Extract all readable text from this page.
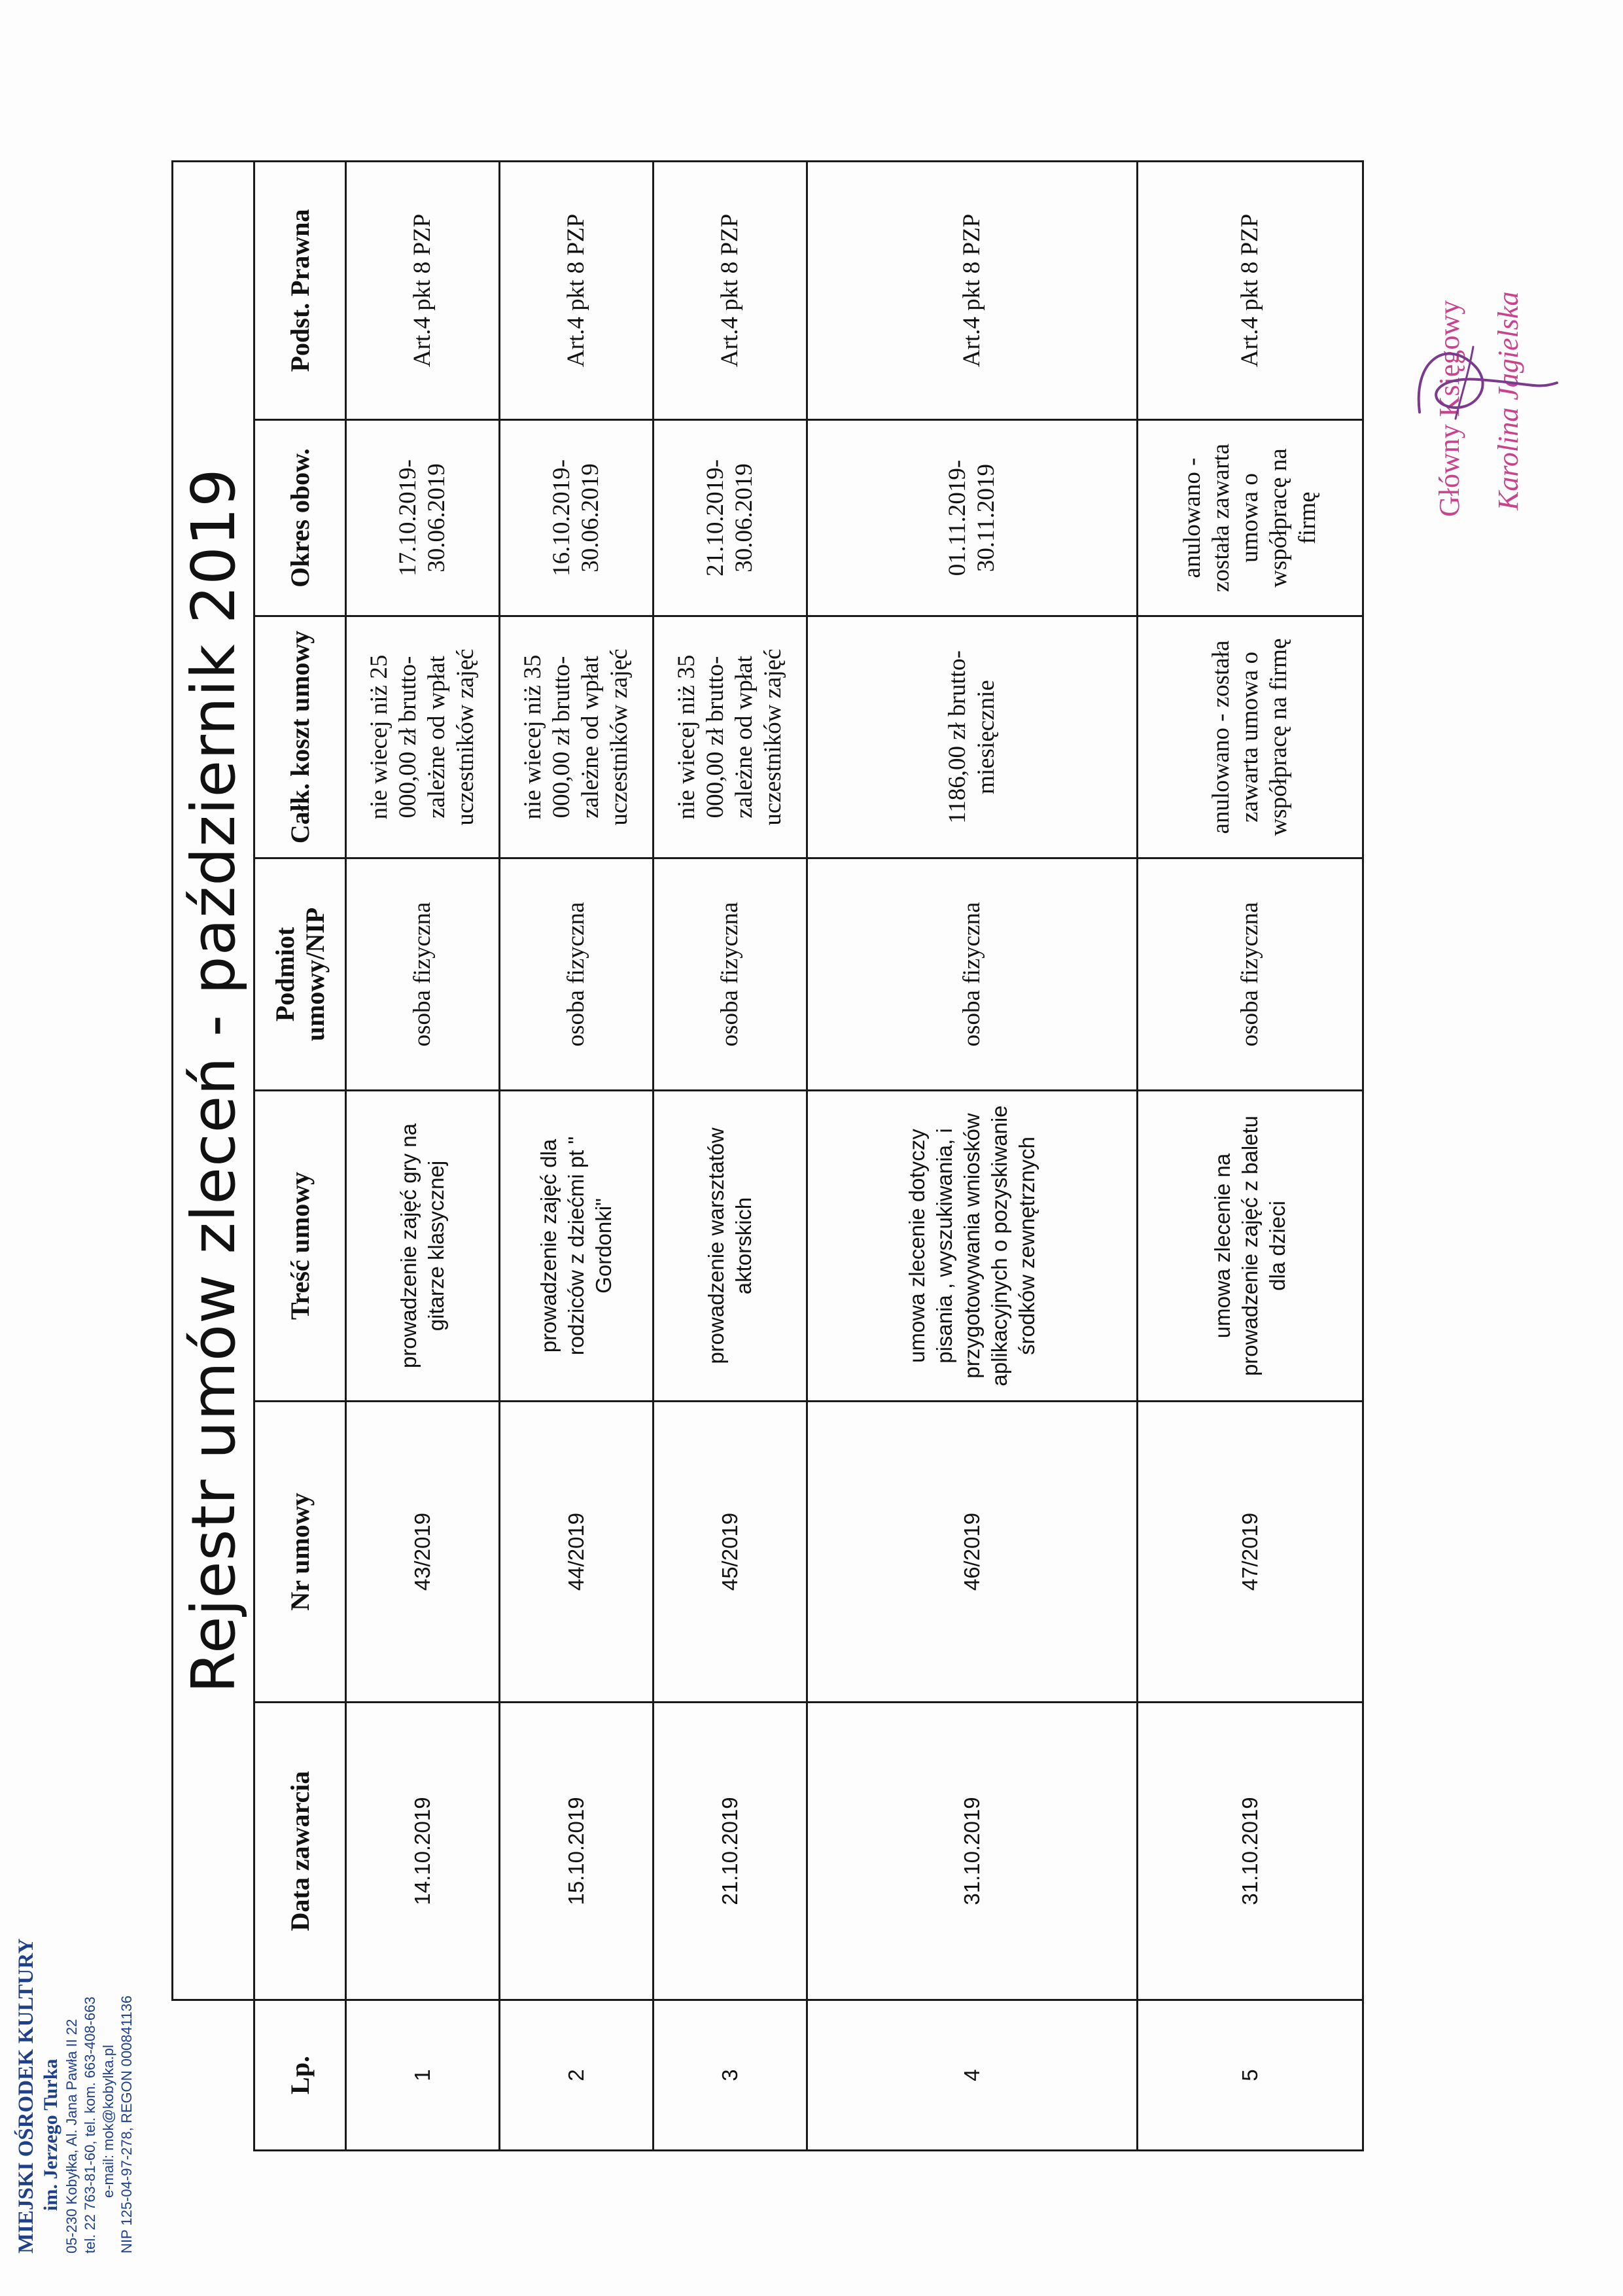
MIEJSKI OŚRODEK KULTURY im. Jerzego Turka 05-230 Kobyłka, Al. Jana Pawła II 22 tel. 22 763-81-60, tel. kom. 663-408-663 e-mail: mok@kobylka.pl NIP 125-04-97-278, REGON 000841136
	Rejestr umów zleceń - październik 2019						
Lp.	Data zawarcia	Nr umowy	Treść umowy	Podmiot umowy/NIP	Całk. koszt umowy	Okres obow.	Podst. Prawna
1	14.10.2019	43/2019	prowadzenie zajęć gry na gitarze klasycznej	osoba fizyczna	nie wiecej niż 25 000,00 zł brutto- zależne od wpłat uczestników zajęć	17.10.2019-30.06.2019	Art.4 pkt 8 PZP
2	15.10.2019	44/2019	prowadzenie zajęć dla rodziców z dziećmi pt " Gordonki"	osoba fizyczna	nie wiecej niż 35 000,00 zł brutto- zależne od wpłat uczestników zajęć	16.10.2019-30.06.2019	Art.4 pkt 8 PZP
3	21.10.2019	45/2019	prowadzenie warsztatów aktorskich	osoba fizyczna	nie wiecej niż 35 000,00 zł brutto- zależne od wpłat uczestników zajęć	21.10.2019-30.06.2019	Art.4 pkt 8 PZP
4	31.10.2019	46/2019	umowa zlecenie dotyczy pisania , wyszukiwania, i przygotowywania wniosków aplikacyjnych o pozyskiwanie środków zewnętrznych	osoba fizyczna	1186,00 zł brutto- miesięcznie	01.11.2019-30.11.2019	Art.4 pkt 8 PZP
5	31.10.2019	47/2019	umowa zlecenie na prowadzenie zajęć z baletu dla dzieci	osoba fizyczna	anulowano - została zawarta umowa o współpracę na firmę	anulowano - została zawarta umowa o współpracę na firmę	Art.4 pkt 8 PZP
Główny Księgowy Karolina Jagielska
